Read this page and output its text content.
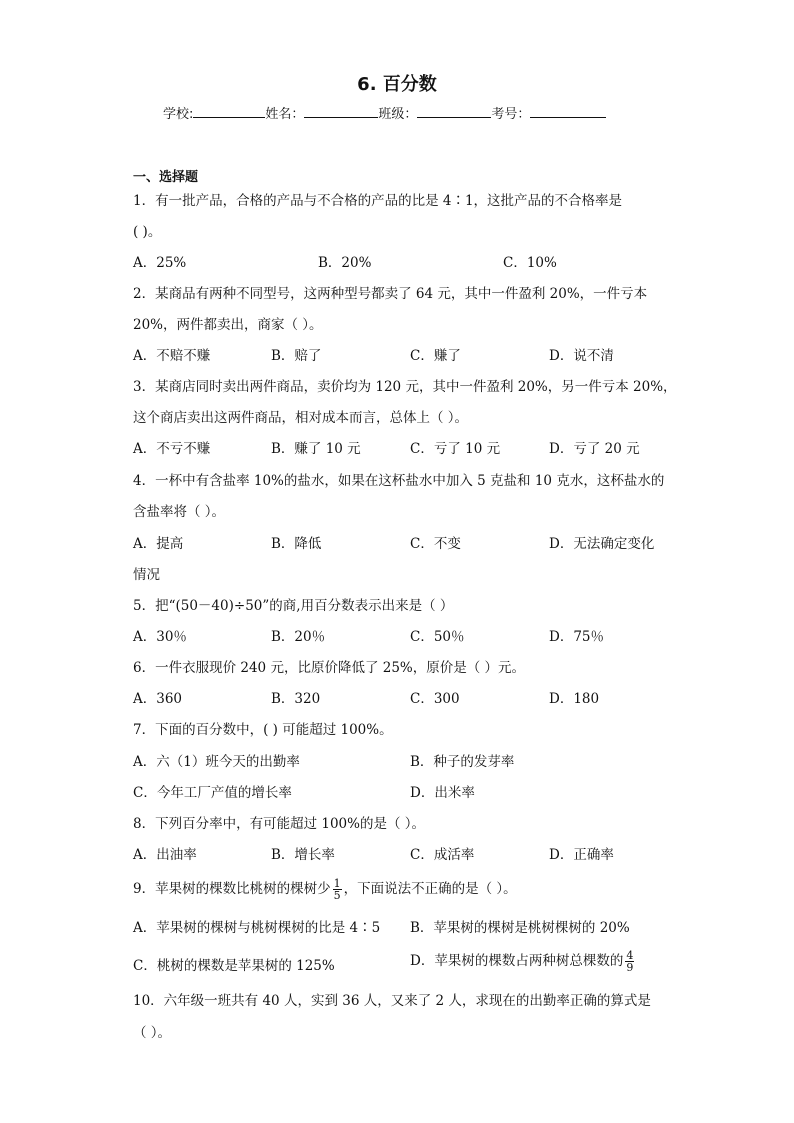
6. 百分数
学校:	姓名：	班级：	考号：
一、选择题
1．有一批产品，合格的产品与不合格的产品的比是 4∶1，这批产品的不合格率是
( )。
A．25%	B．20%	C．10%
2．某商品有两种不同型号，这两种型号都卖了 64 元，其中一件盈利 20%，一件亏本
20%，两件都卖出，商家（ ）。
A．不赔不赚	B．赔了	C．赚了	D．说不清
3．某商店同时卖出两件商品，卖价均为 120 元，其中一件盈利 20%，另一件亏本 20%，
这个商店卖出这两件商品，相对成本而言，总体上（ ）。
A．不亏不赚	B．赚了 10 元	C．亏了 10 元	D．亏了 20 元
4．一杯中有含盐率 10%的盐水，如果在这杯盐水中加入 5 克盐和 10 克水，这杯盐水的
含盐率将（ ）。
A．提高	B．降低	C．不变	D．无法确定变化
情况
5．把“(50－40)÷50”的商,用百分数表示出来是（ ）
A．30％	B．20％	C．50％	D．75％
6．一件衣服现价 240 元，比原价降低了 25%，原价是（ ）元。
A．360	B．320	C．300	D．180
7．下面的百分数中，( ) 可能超过 100%。
A．六（1）班今天的出勤率	B．种子的发芽率
C．今年工厂产值的增长率	D．出米率
8．下列百分率中，有可能超过 100%的是（ ）。
A．出油率	B．增长率	C．成活率	D．正确率
9．苹果树的棵数比桃树的棵树少 $\frac{1}{5}$ ，下面说法不正确的是（ ）。
A．苹果树的棵树与桃树棵树的比是 4∶5 B．苹果树的棵树是桃树棵树的 20%
C．桃树的棵数是苹果树的 125%	D．苹果树的棵数占两种树总棵数的 $\frac{4}{9}$
10．六年级一班共有 40 人，实到 36 人，又来了 2 人，求现在的出勤率正确的算式是
（ ）。
